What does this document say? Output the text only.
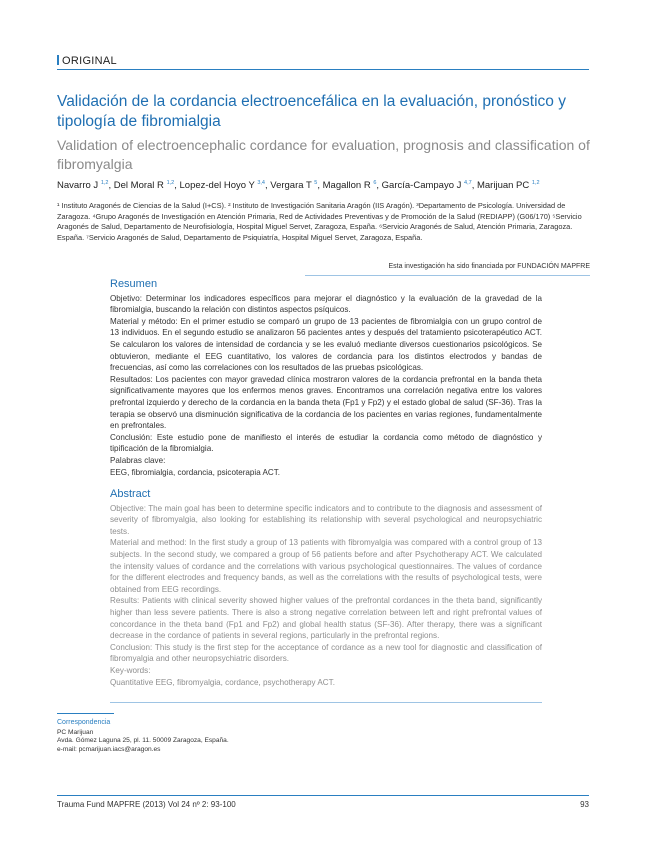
ORIGINAL
Validación de la cordancia electroencefálica en la evaluación, pronóstico y tipología de fibromialgia
Validation of electroencephalic cordance for evaluation, prognosis and classification of fibromyalgia
Navarro J $^{1,2}$, Del Moral R $^{1,2}$, Lopez-del Hoyo Y $^{3,4}$, Vergara T $^5$, Magallon R $^6$, García-Campayo J $^{4,7}$, Marijuan PC $^{1,2}$
¹ Instituto Aragonés de Ciencias de la Salud (I+CS). ² Instituto de Investigación Sanitaria Aragón (IIS Aragón). ³Departamento de Psicología. Universidad de Zaragoza. ⁴Grupo Aragonés de Investigación en Atención Primaria, Red de Actividades Preventivas y de Promoción de la Salud (REDIAPP) (G06/170) ⁵Servicio Aragonés de Salud, Departamento de Neurofisiología, Hospital Miguel Servet, Zaragoza, España. ⁶Servicio Aragonés de Salud, Atención Primaria, Zaragoza. España. ⁷Servicio Aragonés de Salud, Departamento de Psiquiatría, Hospital Miguel Servet, Zaragoza, España.
Esta investigación ha sido financiada por FUNDACIÓN MAPFRE
Resumen

Objetivo: Determinar los indicadores específicos para mejorar el diagnóstico y la evaluación de la gravedad de la fibromialgia, buscando la relación con distintos aspectos psíquicos.

Material y método: En el primer estudio se comparó un grupo de 13 pacientes de fibromialgia con un grupo control de 13 individuos. En el segundo estudio se analizaron 56 pacientes antes y después del tratamiento psicoterapéutico ACT. Se calcularon los valores de intensidad de cordancia y se les evaluó mediante diversos cuestionarios psicológicos. Se obtuvieron, mediante el EEG cuantitativo, los valores de cordancia para los distintos electrodos y bandas de frecuencias, así como las correlaciones con los resultados de las pruebas psicológicas.

Resultados: Los pacientes con mayor gravedad clínica mostraron valores de la cordancia prefrontal en la banda theta significativamente mayores que los enfermos menos graves. Encontramos una correlación negativa entre los valores prefrontal izquierdo y derecho de la cordancia en la banda theta (Fp1 y Fp2) y el estado global de salud (SF-36). Tras la terapia se observó una disminución significativa de la cordancia de los pacientes en varias regiones, fundamentalmente en prefrontales.

Conclusión: Este estudio pone de manifiesto el interés de estudiar la cordancia como método de diagnóstico y tipificación de la fibromialgia.

Palabras clave:

EEG, fibromialgia, cordancia, psicoterapia ACT.

Abstract

Objective: The main goal has been to determine specific indicators and to contribute to the diagnosis and assessment of severity of fibromyalgia, also looking for establishing its relationship with several psychological and neuropsychiatric tests.

Material and method: In the first study a group of 13 patients with fibromyalgia was compared with a control group of 13 subjects. In the second study, we compared a group of 56 patients before and after Psychotherapy ACT. We calculated the intensity values of cordance and the correlations with various psychological questionnaires. The values of cordance for the different electrodes and frequency bands, as well as the correlations with the results of psychological tests, were obtained from EEG recordings.

Results: Patients with clinical severity showed higher values of the prefrontal cordances in the theta band, significantly higher than less severe patients. There is also a strong negative correlation between left and right prefrontal values of concordance in the theta band (Fp1 and Fp2) and global health status (SF-36). After therapy, there was a significant decrease in the cordance of patients in several regions, particularly in the prefrontal regions.

Conclusion: This study is the first step for the acceptance of cordance as a new tool for diagnostic and classification of fibromyalgia and other neuropsychiatric disorders.

Key-words:

Quantitative EEG, fibromyalgia, cordance, psychotherapy ACT.

Correspondencia
PC Marijuan
Avda. Gómez Laguna 25, pl. 11. 50009 Zaragoza, España.
e-mail: pcmarijuan.iacs@aragon.es
Trauma Fund MAPFRE (2013) Vol 24 nº 2: 93-100	93
